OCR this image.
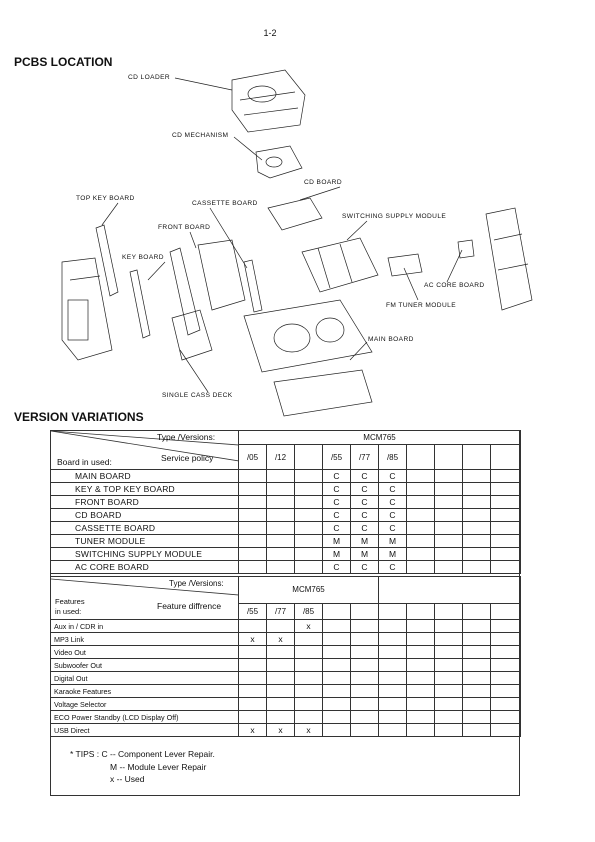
1-2
PCBS LOCATION
CD LOADER
CD MECHANISM
CD BOARD
TOP KEY BOARD
CASSETTE BOARD
FRONT BOARD
SWITCHING SUPPLY MODULE
KEY BOARD
AC CORE BOARD
FM TUNER MODULE
MAIN BOARD
SINGLE CASS DECK
VERSION VARIATIONS
Type /Versions:
Service policy
Board in used:	MCM765									
	/05	/12		/55	/77	/85				
MAIN BOARD				C	C	C				
KEY & TOP KEY BOARD				C	C	C				
FRONT BOARD				C	C	C				
CD BOARD				C	C	C				
CASSETTE BOARD				C	C	C				
TUNER MODULE				M	M	M				
SWITCHING SUPPLY MODULE				M	M	M				
AC CORE BOARD				C	C	C				
Type /Versions:
Feature diffrence
Features
in used:	MCM765									
	/55	/77	/85							
Aux in / CDR in			x							
MP3 Link	x	x								
Video Out										
Subwoofer Out										
Digital Out										
Karaoke Features										
Voltage Selector										
ECO Power Standby (LCD Display Off)										
USB Direct	x	x	x							
* TIPS : C -- Component Lever Repair.
M -- Module Lever Repair
x -- Used
